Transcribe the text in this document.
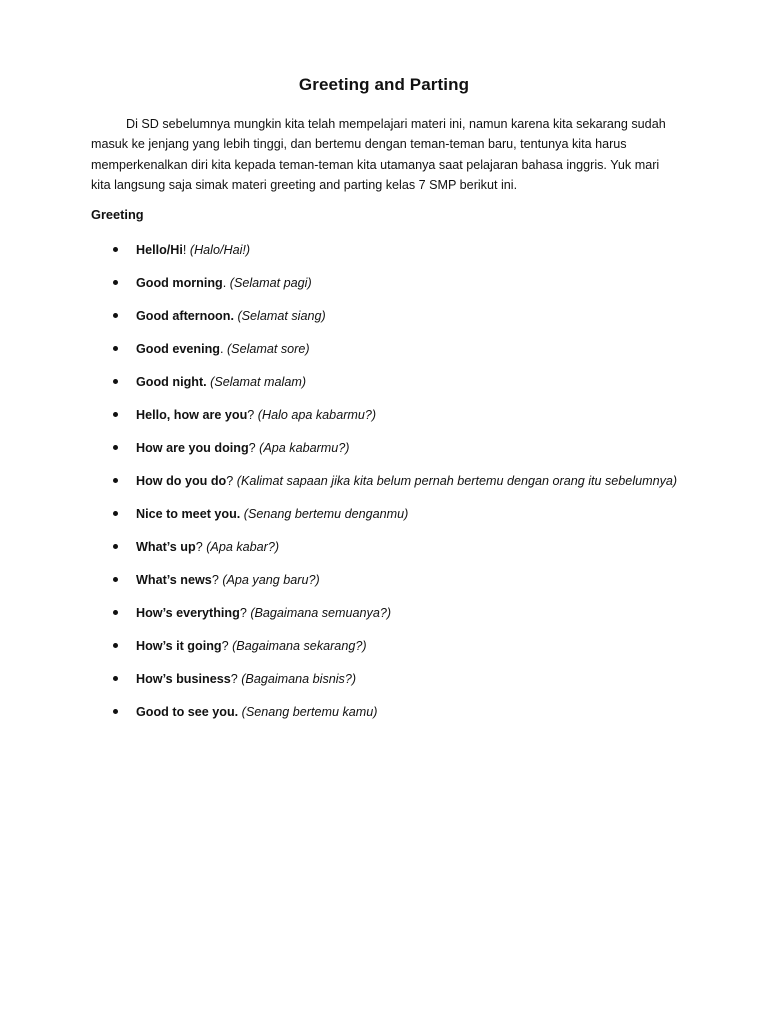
Greeting and Parting
Di SD sebelumnya mungkin kita telah mempelajari materi ini, namun karena kita sekarang sudah masuk ke jenjang yang lebih tinggi, dan bertemu dengan teman-teman baru, tentunya kita harus memperkenalkan diri kita kepada teman-teman kita utamanya saat pelajaran bahasa inggris. Yuk mari kita langsung saja simak materi greeting and parting kelas 7 SMP berikut ini.
Greeting
Hello/Hi! (Halo/Hai!)
Good morning. (Selamat pagi)
Good afternoon. (Selamat siang)
Good evening. (Selamat sore)
Good night. (Selamat malam)
Hello, how are you? (Halo apa kabarmu?)
How are you doing? (Apa kabarmu?)
How do you do? (Kalimat sapaan jika kita belum pernah bertemu dengan orang itu sebelumnya)
Nice to meet you. (Senang bertemu denganmu)
What’s up? (Apa kabar?)
What’s news? (Apa yang baru?)
How’s everything? (Bagaimana semuanya?)
How’s it going? (Bagaimana sekarang?)
How’s business? (Bagaimana bisnis?)
Good to see you. (Senang bertemu kamu)
